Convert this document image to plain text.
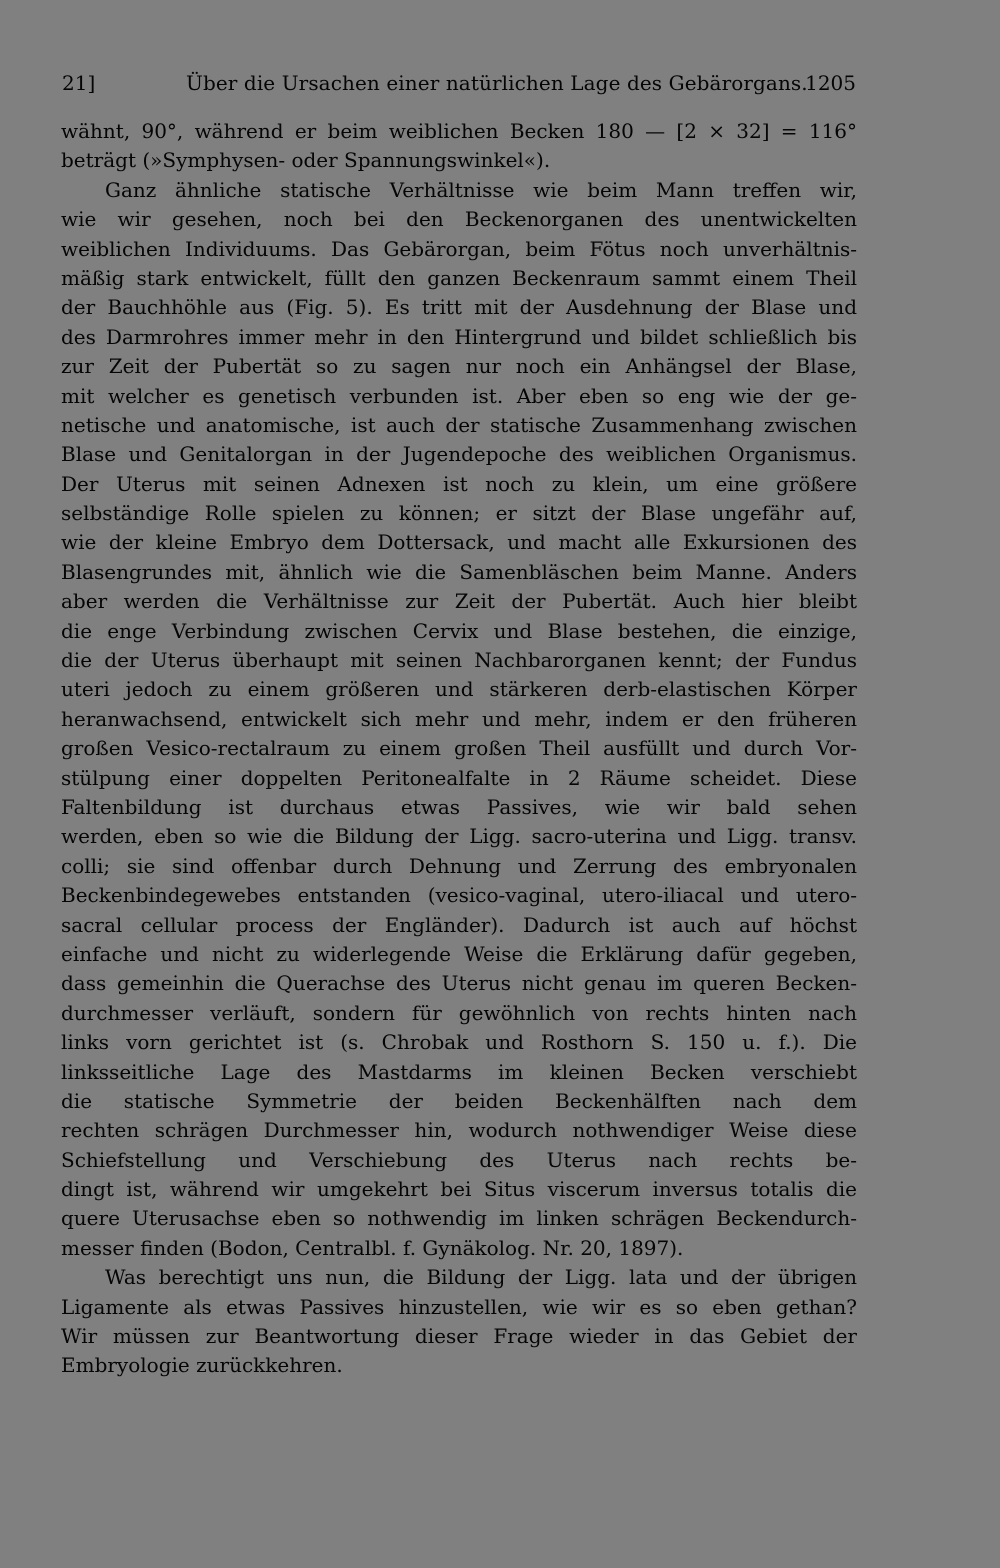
21]	Über die Ursachen einer natürlichen Lage des Gebärorgans.
1205
wähnt, 90°, während er beim weiblichen Becken 180 — [2 × 32] = 116°
beträgt (»Symphysen- oder Spannungswinkel«).
Ganz ähnliche statische Verhältnisse wie beim Mann treffen wir,
wie wir gesehen, noch bei den Beckenorganen des unentwickelten
weiblichen Individuums. Das Gebärorgan, beim Fötus noch unverhältnis-
mäßig stark entwickelt, füllt den ganzen Beckenraum sammt einem Theil
der Bauchhöhle aus (Fig. 5). Es tritt mit der Ausdehnung der Blase und
des Darmrohres immer mehr in den Hintergrund und bildet schließlich bis
zur Zeit der Pubertät so zu sagen nur noch ein Anhängsel der Blase,
mit welcher es genetisch verbunden ist. Aber eben so eng wie der ge-
netische und anatomische, ist auch der statische Zusammenhang zwischen
Blase und Genitalorgan in der Jugendepoche des weiblichen Organismus.
Der Uterus mit seinen Adnexen ist noch zu klein, um eine größere
selbständige Rolle spielen zu können; er sitzt der Blase ungefähr auf,
wie der kleine Embryo dem Dottersack, und macht alle Exkursionen des
Blasengrundes mit, ähnlich wie die Samenbläschen beim Manne. Anders
aber werden die Verhältnisse zur Zeit der Pubertät. Auch hier bleibt
die enge Verbindung zwischen Cervix und Blase bestehen, die einzige,
die der Uterus überhaupt mit seinen Nachbarorganen kennt; der Fundus
uteri jedoch zu einem größeren und stärkeren derb-elastischen Körper
heranwachsend, entwickelt sich mehr und mehr, indem er den früheren
großen Vesico-rectalraum zu einem großen Theil ausfüllt und durch Vor-
stülpung einer doppelten Peritonealfalte in 2 Räume scheidet. Diese
Faltenbildung ist durchaus etwas Passives, wie wir bald sehen
werden, eben so wie die Bildung der Ligg. sacro-uterina und Ligg. transv.
colli; sie sind offenbar durch Dehnung und Zerrung des embryonalen
Beckenbindegewebes entstanden (vesico-vaginal, utero-iliacal und utero-
sacral cellular process der Engländer). Dadurch ist auch auf höchst
einfache und nicht zu widerlegende Weise die Erklärung dafür gegeben,
dass gemeinhin die Querachse des Uterus nicht genau im queren Becken-
durchmesser verläuft, sondern für gewöhnlich von rechts hinten nach
links vorn gerichtet ist (s. Chrobak und Rosthorn S. 150 u. f.). Die
linksseitliche Lage des Mastdarms im kleinen Becken verschiebt
die statische Symmetrie der beiden Beckenhälften nach dem
rechten schrägen Durchmesser hin, wodurch nothwendiger Weise diese
Schiefstellung und Verschiebung des Uterus nach rechts be-
dingt ist, während wir umgekehrt bei Situs viscerum inversus totalis die
quere Uterusachse eben so nothwendig im linken schrägen Beckendurch-
messer finden (Bodon, Centralbl. f. Gynäkolog. Nr. 20, 1897).
Was berechtigt uns nun, die Bildung der Ligg. lata und der übrigen
Ligamente als etwas Passives hinzustellen, wie wir es so eben gethan?
Wir müssen zur Beantwortung dieser Frage wieder in das Gebiet der
Embryologie zurückkehren.
